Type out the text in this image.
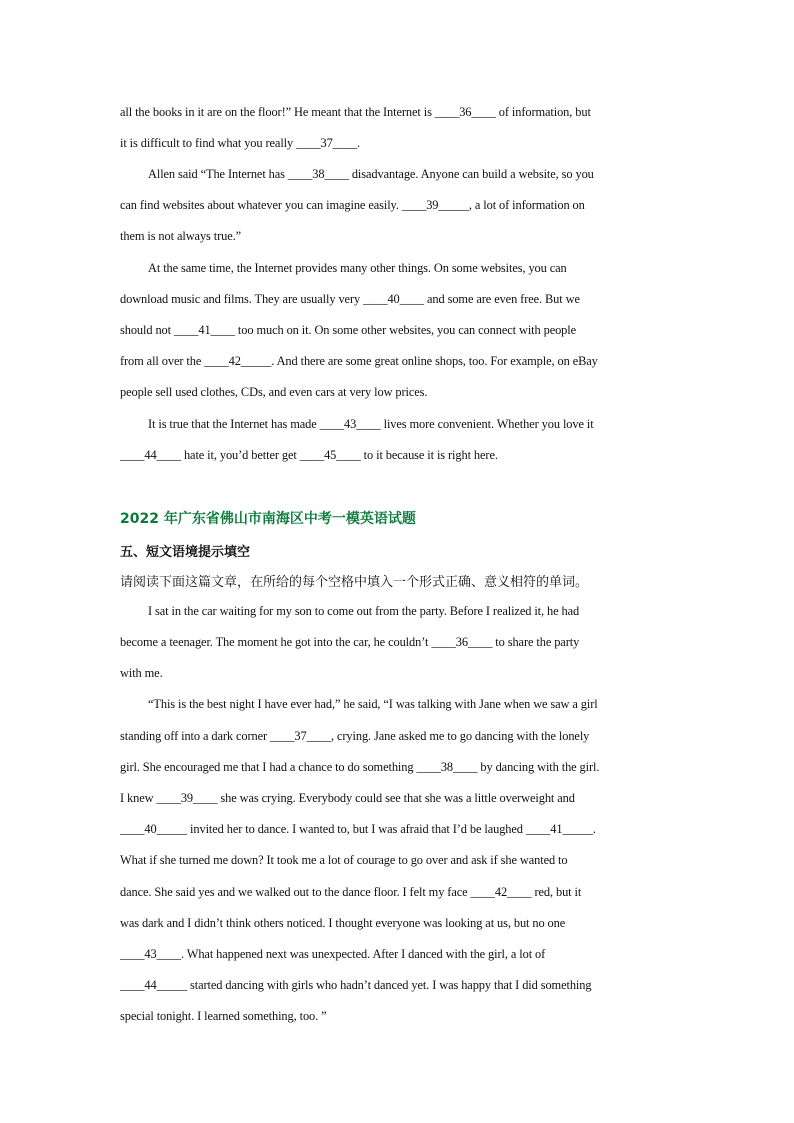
all the books in it are on the floor!” He meant that the Internet is ____36____ of information, but
it is difficult to find what you really ____37____.
Allen said “The Internet has ____38____ disadvantage. Anyone can build a website, so you
can find websites about whatever you can imagine easily. ____39_____, a lot of information on
them is not always true.”
At the same time, the Internet provides many other things. On some websites, you can
download music and films. They are usually very ____40____ and some are even free. But we
should not ____41____ too much on it. On some other websites, you can connect with people
from all over the ____42_____. And there are some great online shops, too. For example, on eBay
people sell used clothes, CDs, and even cars at very low prices.
It is true that the Internet has made ____43____ lives more convenient. Whether you love it
____44____ hate it, you’d better get ____45____ to it because it is right here.
2022 年广东省佛山市南海区中考一模英语试题
五、短文语境提示填空
请阅读下面这篇文章，在所给的每个空格中填入一个形式正确、意义相符的单词。
I sat in the car waiting for my son to come out from the party. Before I realized it, he had
become a teenager. The moment he got into the car, he couldn’t ____36____ to share the party
with me.
“This is the best night I have ever had,” he said, “I was talking with Jane when we saw a girl
standing off into a dark corner ____37____, crying. Jane asked me to go dancing with the lonely
girl. She encouraged me that I had a chance to do something ____38____ by dancing with the girl.
I knew ____39____ she was crying. Everybody could see that she was a little overweight and
____40_____ invited her to dance. I wanted to, but I was afraid that I’d be laughed ____41_____.
What if she turned me down? It took me a lot of courage to go over and ask if she wanted to
dance. She said yes and we walked out to the dance floor. I felt my face ____42____ red, but it
was dark and I didn’t think others noticed. I thought everyone was looking at us, but no one
____43____. What happened next was unexpected. After I danced with the girl, a lot of
____44_____ started dancing with girls who hadn’t danced yet. I was happy that I did something
special tonight. I learned something, too. ”
